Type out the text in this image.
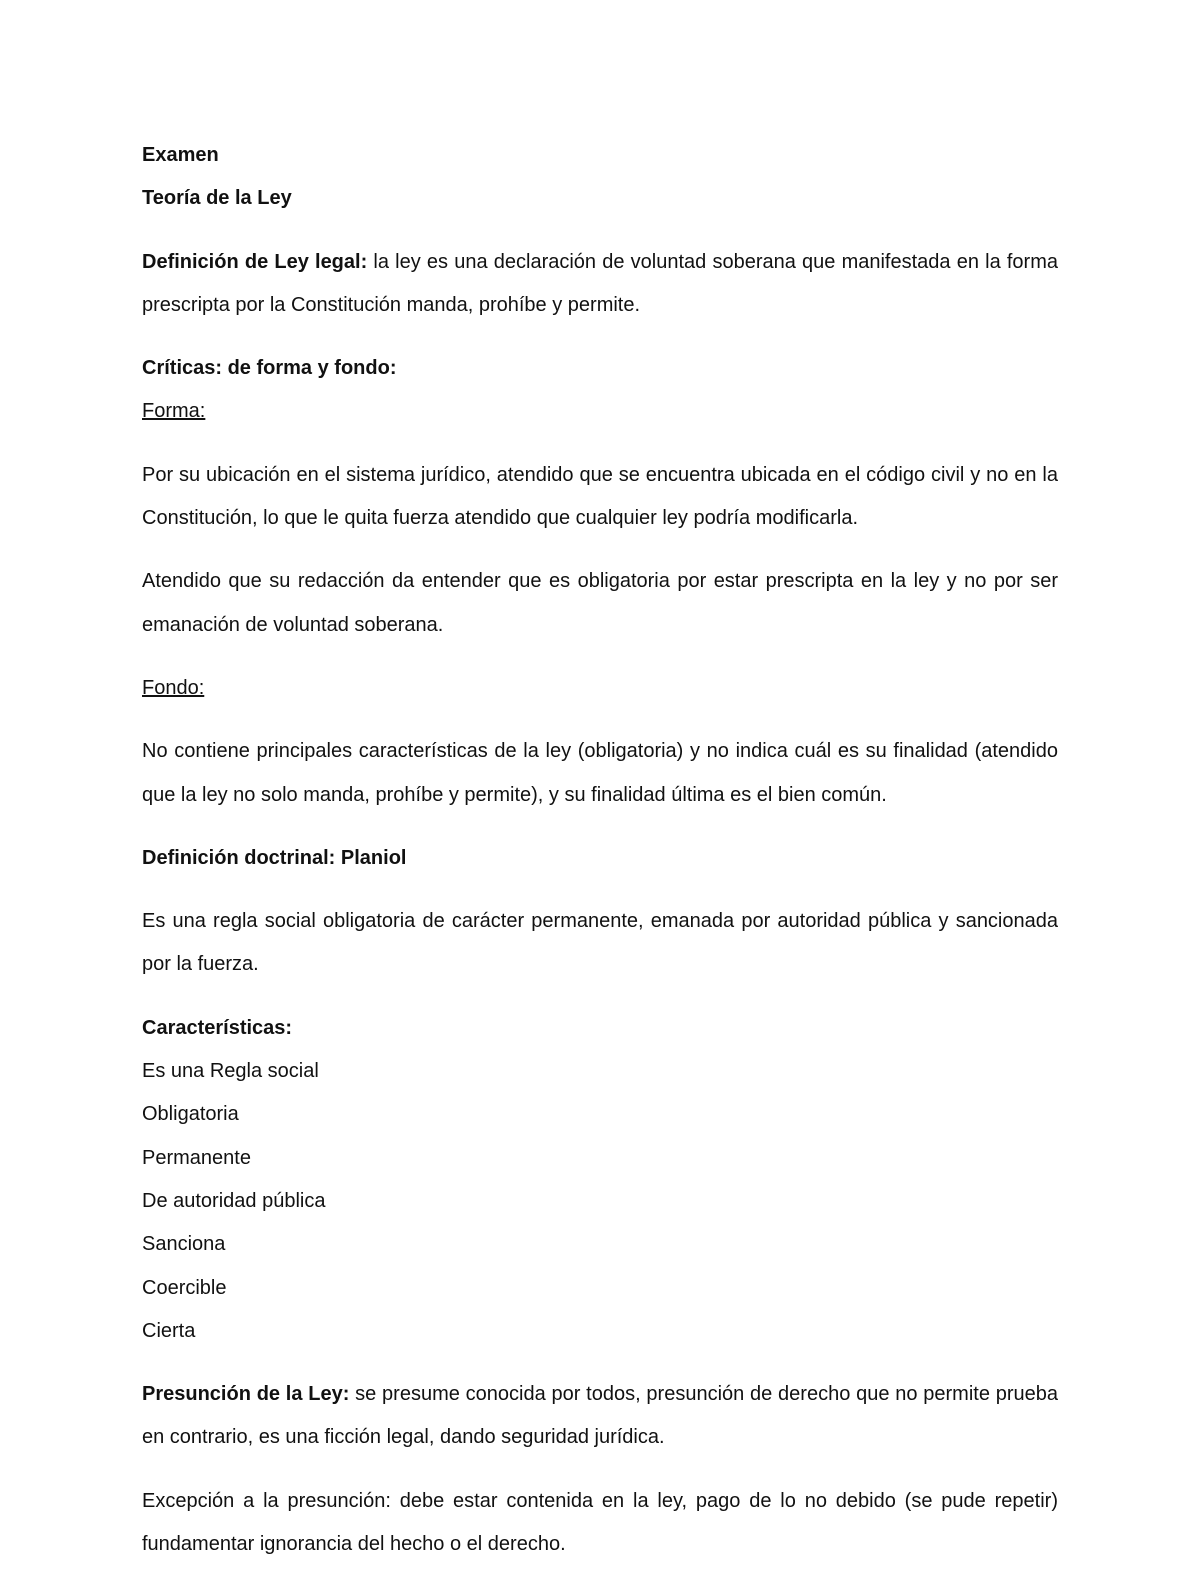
Examen

Teoría de la Ley

Definición de Ley legal: la ley es una declaración de voluntad soberana que manifestada en la forma prescripta por la Constitución manda, prohíbe y permite.

Críticas: de forma y fondo:

Forma:

Por su ubicación en el sistema jurídico, atendido que se encuentra ubicada en el código civil y no en la Constitución, lo que le quita fuerza atendido que cualquier ley podría modificarla.

Atendido que su redacción da entender que es obligatoria por estar prescripta en la ley y no por ser emanación de voluntad soberana.

Fondo:

No contiene principales características de la ley (obligatoria) y no indica cuál es su finalidad (atendido que la ley no solo manda, prohíbe y permite), y su finalidad última es el bien común.

Definición doctrinal: Planiol

Es una regla social obligatoria de carácter permanente, emanada por autoridad pública y sancionada por la fuerza.

Características:

Es una Regla social

Obligatoria

Permanente

De autoridad pública

Sanciona

Coercible

Cierta

Presunción de la Ley: se presume conocida por todos, presunción de derecho que no permite prueba en contrario, es una ficción legal, dando seguridad jurídica.

Excepción a la presunción: debe estar contenida en la ley, pago de lo no debido (se pude repetir) fundamentar ignorancia del hecho o el derecho.
